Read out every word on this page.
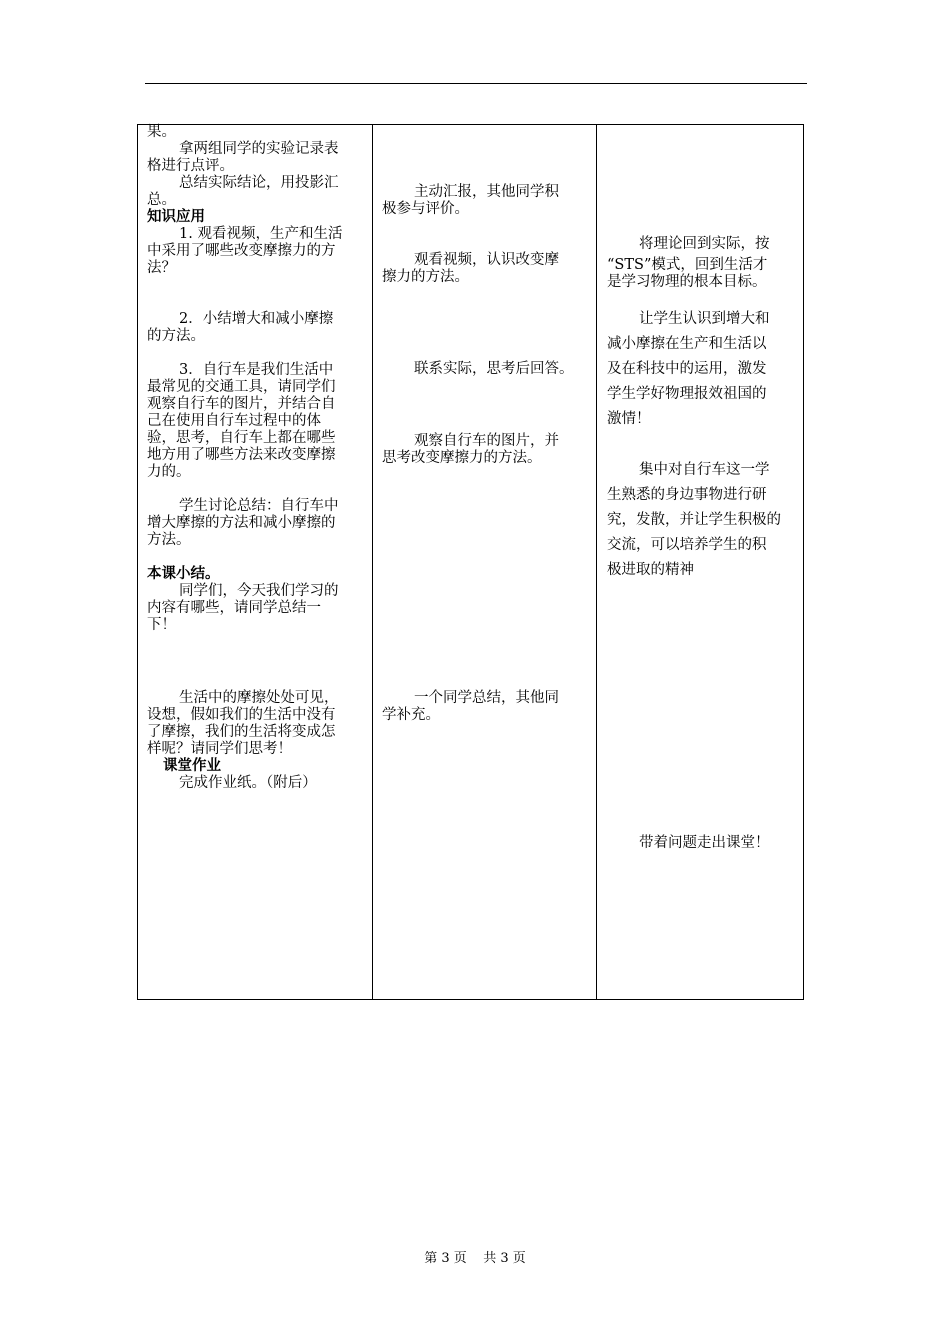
果。
拿两组同学的实验记录表
格进行点评。
总结实际结论，用投影汇
总。
知识应用
1. 观看视频，生产和生活
中采用了哪些改变摩擦力的方
法？
2．小结增大和减小摩擦
的方法。
3．自行车是我们生活中
最常见的交通工具，请同学们
观察自行车的图片，并结合自
己在使用自行车过程中的体
验，思考，自行车上都在哪些
地方用了哪些方法来改变摩擦
力的。
学生讨论总结：自行车中
增大摩擦的方法和减小摩擦的
方法。
本课小结。
同学们，今天我们学习的
内容有哪些，请同学总结一
下！
生活中的摩擦处处可见，
设想，假如我们的生活中没有
了摩擦，我们的生活将变成怎
样呢？请同学们思考！
课堂作业
完成作业纸。（附后）
主动汇报，其他同学积
极参与评价。
观看视频，认识改变摩
擦力的方法。
联系实际，思考后回答。
观察自行车的图片，并
思考改变摩擦力的方法。
一个同学总结，其他同
学补充。
将理论回到实际，按
“STS”模式，回到生活才
是学习物理的根本目标。
让学生认识到增大和
减小摩擦在生产和生活以
及在科技中的运用，激发
学生学好物理报效祖国的
激情！
集中对自行车这一学
生熟悉的身边事物进行研
究，发散，并让学生积极的
交流，可以培养学生的积
极进取的精神
带着问题走出课堂！
第 3 页    共 3 页
